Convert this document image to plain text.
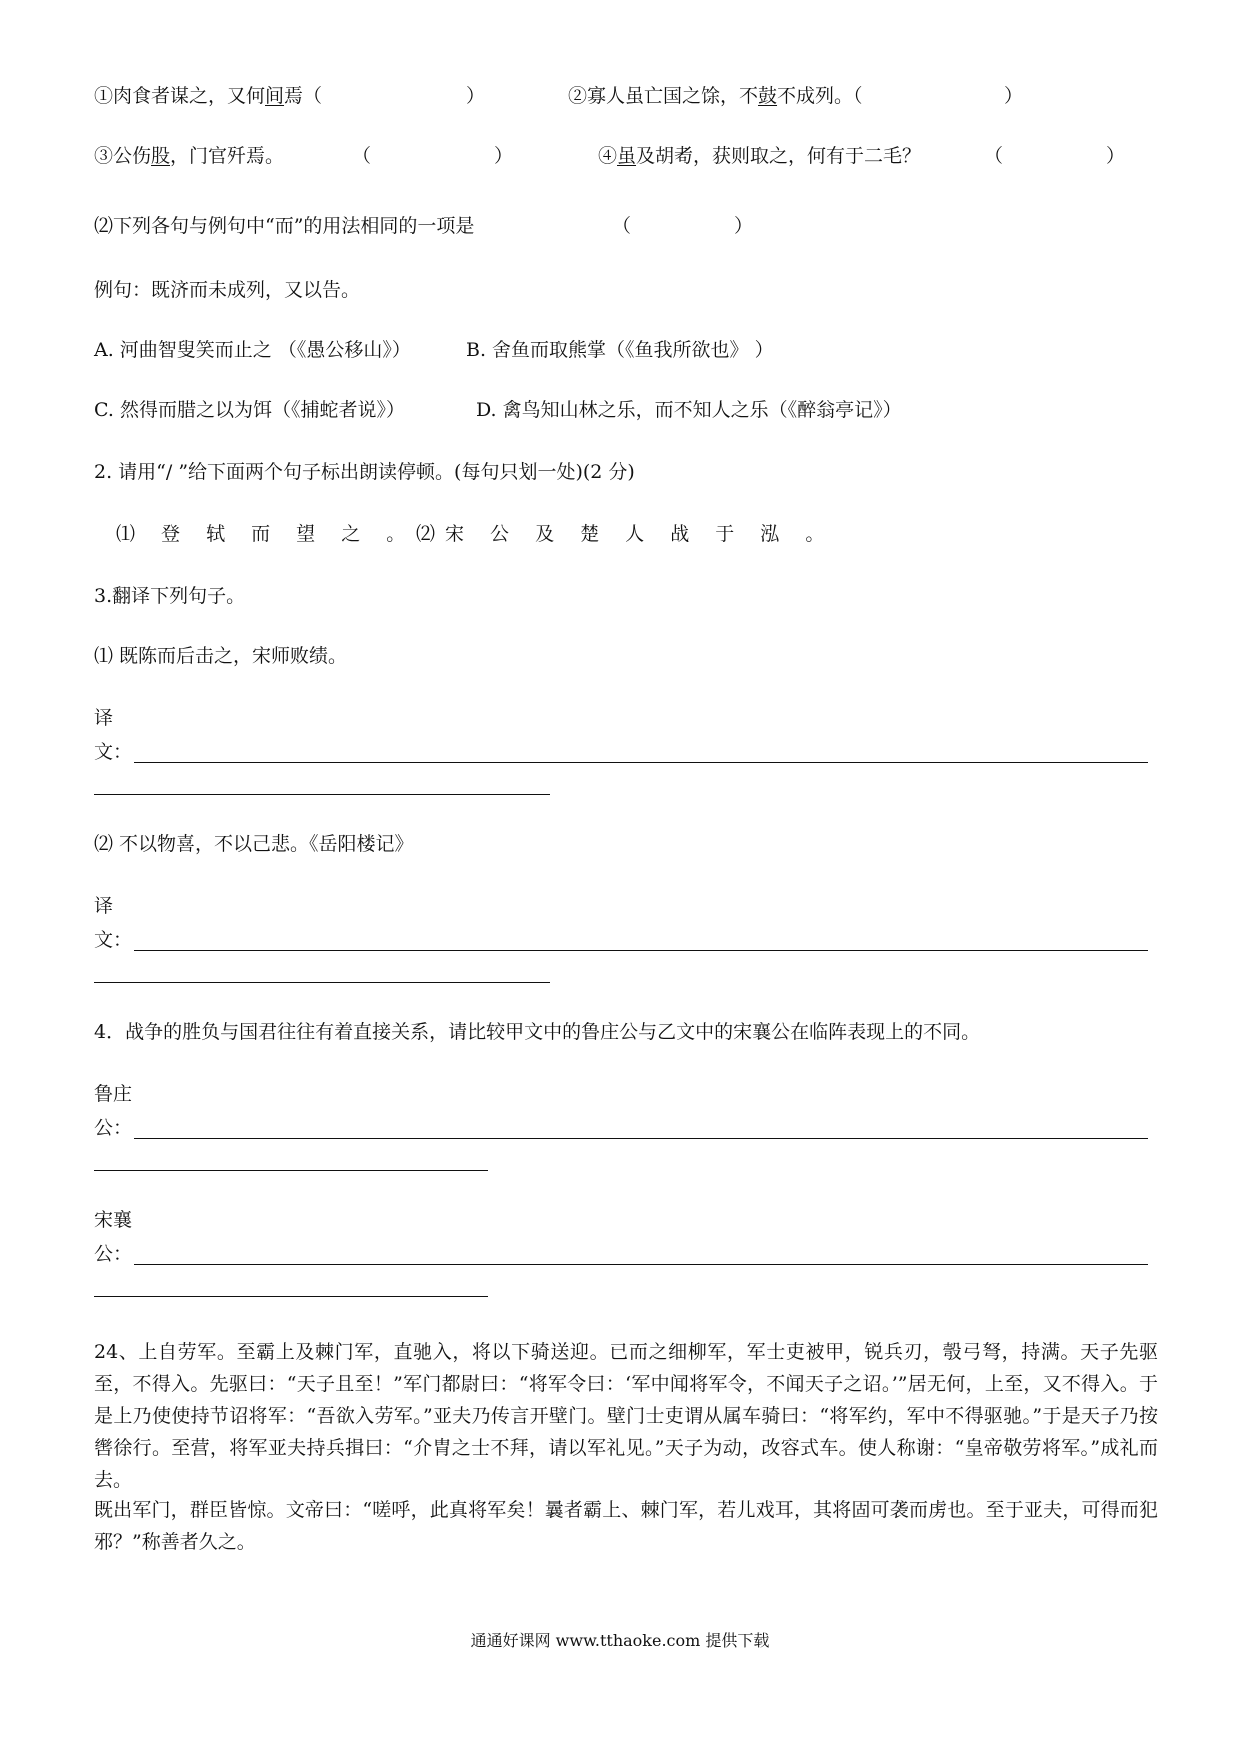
①肉食者谋之，又何间焉（	）	②寡人虽亡国之馀，不鼓不成列。（	）
③公伤股，门官歼焉。	（	）	④虽及胡耇，获则取之，何有于二毛？	（	）
⑵下列各句与例句中“而”的用法相同的一项是	（	）
例句：既济而未成列，又以告。
A. 河曲智叟笑而止之 （《愚公移山》）	B. 舍鱼而取熊掌（《鱼我所欲也》 ）
C. 然得而腊之以为饵（《捕蛇者说》）	D. 禽鸟知山林之乐，而不知人之乐（《醉翁亭记》）
2. 请用“/ ”给下面两个句子标出朗读停顿。(每句只划一处)(2 分)
⑴ 登 轼 而 望 之 。 ⑵宋 公 及 楚 人 战 于 泓 。
3.翻译下列句子。
⑴ 既陈而后击之，宋师败绩。
译
文：
⑵ 不以物喜，不以己悲。《岳阳楼记》
译
文：
4．战争的胜负与国君往往有着直接关系，请比较甲文中的鲁庄公与乙文中的宋襄公在临阵表现上的不同。
鲁庄
公：
宋襄
公：
24、上自劳军。至霸上及棘门军，直驰入，将以下骑送迎。已而之细柳军，军士吏被甲，锐兵刃，彀弓弩，持满。天子先驱至，不得入。先驱曰：“天子且至！”军门都尉曰：“将军令曰：‘军中闻将军令，不闻天子之诏。’”居无何，上至，又不得入。于是上乃使使持节诏将军：“吾欲入劳军。”亚夫乃传言开壁门。壁门士吏谓从属车骑曰：“将军约，军中不得驱驰。”于是天子乃按辔徐行。至营，将军亚夫持兵揖曰：“介胄之士不拜，请以军礼见。”天子为动，改容式车。使人称谢：“皇帝敬劳将军。”成礼而去。
既出军门，群臣皆惊。文帝曰：“嗟呼，此真将军矣！曩者霸上、棘门军，若儿戏耳，其将固可袭而虏也。至于亚夫，可得而犯邪？”称善者久之。
通通好课网 www.tthaoke.com 提供下载
